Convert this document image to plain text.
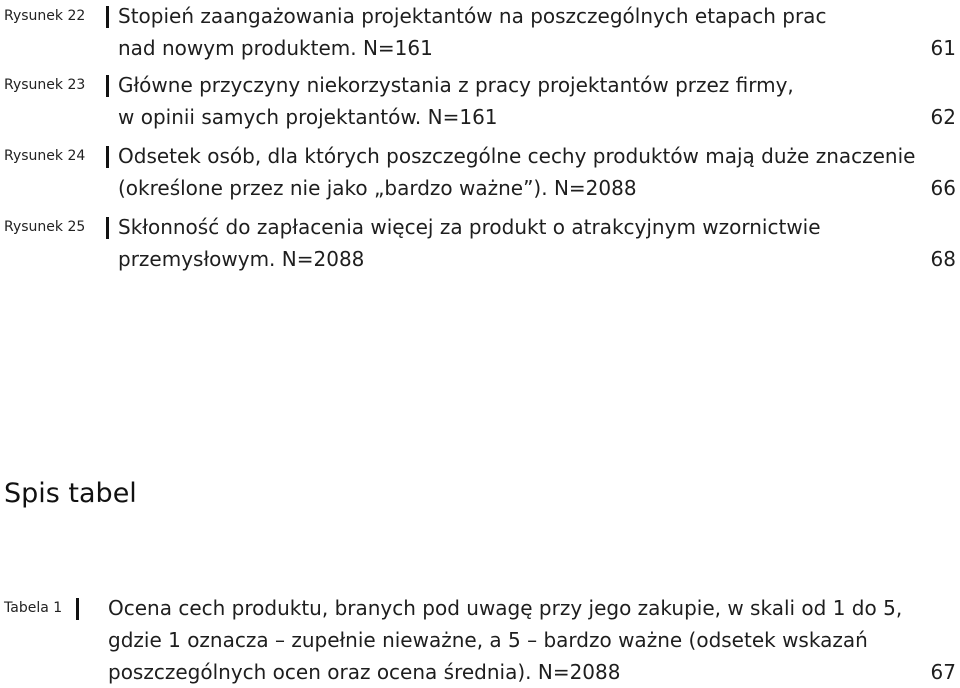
Rysunek 22 Stopień zaangażowania projektantów na poszczególnych etapach prac
nad nowym produktem. N=161	61
Rysunek 23 Główne przyczyny niekorzystania z pracy projektantów przez firmy,
w opinii samych projektantów. N=161	62
Rysunek 24 Odsetek osób, dla których poszczególne cechy produktów mają duże znaczenie
(określone przez nie jako „bardzo ważne”). N=2088	66
Rysunek 25 Skłonność do zapłacenia więcej za produkt o atrakcyjnym wzornictwie
przemysłowym. N=2088	68
Spis tabel
Tabela 1 Ocena cech produktu, branych pod uwagę przy jego zakupie, w skali od 1 do 5,
gdzie 1 oznacza – zupełnie nieważne, a 5 – bardzo ważne (odsetek wskazań
poszczególnych ocen oraz ocena średnia). N=2088	67
